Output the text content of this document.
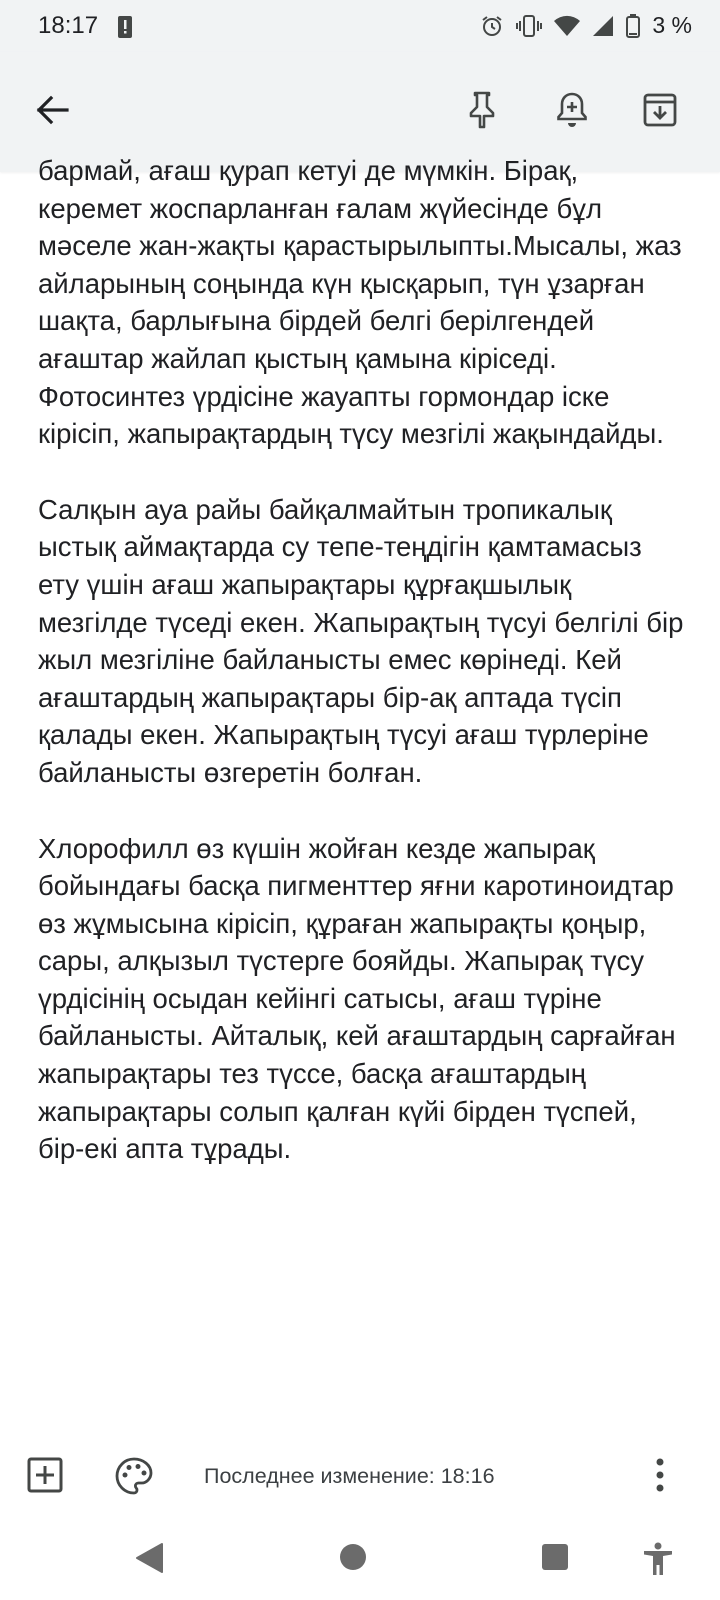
18:17	3 %

бармай, ағаш қурап кетуі де мүмкін. Бірақ, керемет жоспарланған ғалам жүйесінде бұл мәселе жан-жақты қарастырылыпты.Мысалы, жаз айларының соңында күн қысқарып, түн ұзарған шақта, барлығына бірдей белгі берілгендей ағаштар жайлап қыстың қамына кіріседі. Фотосинтез үрдісіне жауапты гормондар іске кірісіп, жапырақтардың түсу мезгілі жақындайды.

Салқын ауа райы байқалмайтын тропикалық ыстық аймақтарда су тепе-теңдігін қамтамасыз ету үшін ағаш жапырақтары құрғақшылық мезгілде түседі екен. Жапырақтың түсуі белгілі бір жыл мезгіліне байланысты емес көрінеді. Кей ағаштардың жапырақтары бір-ақ аптада түсіп қалады екен. Жапырақтың түсуі ағаш түрлеріне байланысты өзгеретін болған.

Хлорофилл өз күшін жойған кезде жапырақ бойындағы басқа пигменттер яғни каротиноидтар өз жұмысына кірісіп, құраған жапырақты қоңыр, сары, алқызыл түстерге бояйды. Жапырақ түсу үрдісінің осыдан кейінгі сатысы, ағаш түріне байланысты. Айталық, кей ағаштардың сарғайған жапырақтары тез түссе, басқа ағаштардың жапырақтары солып қалған күйі бірден түспей, бір-екі апта тұрады.

Последнее изменение: 18:16
